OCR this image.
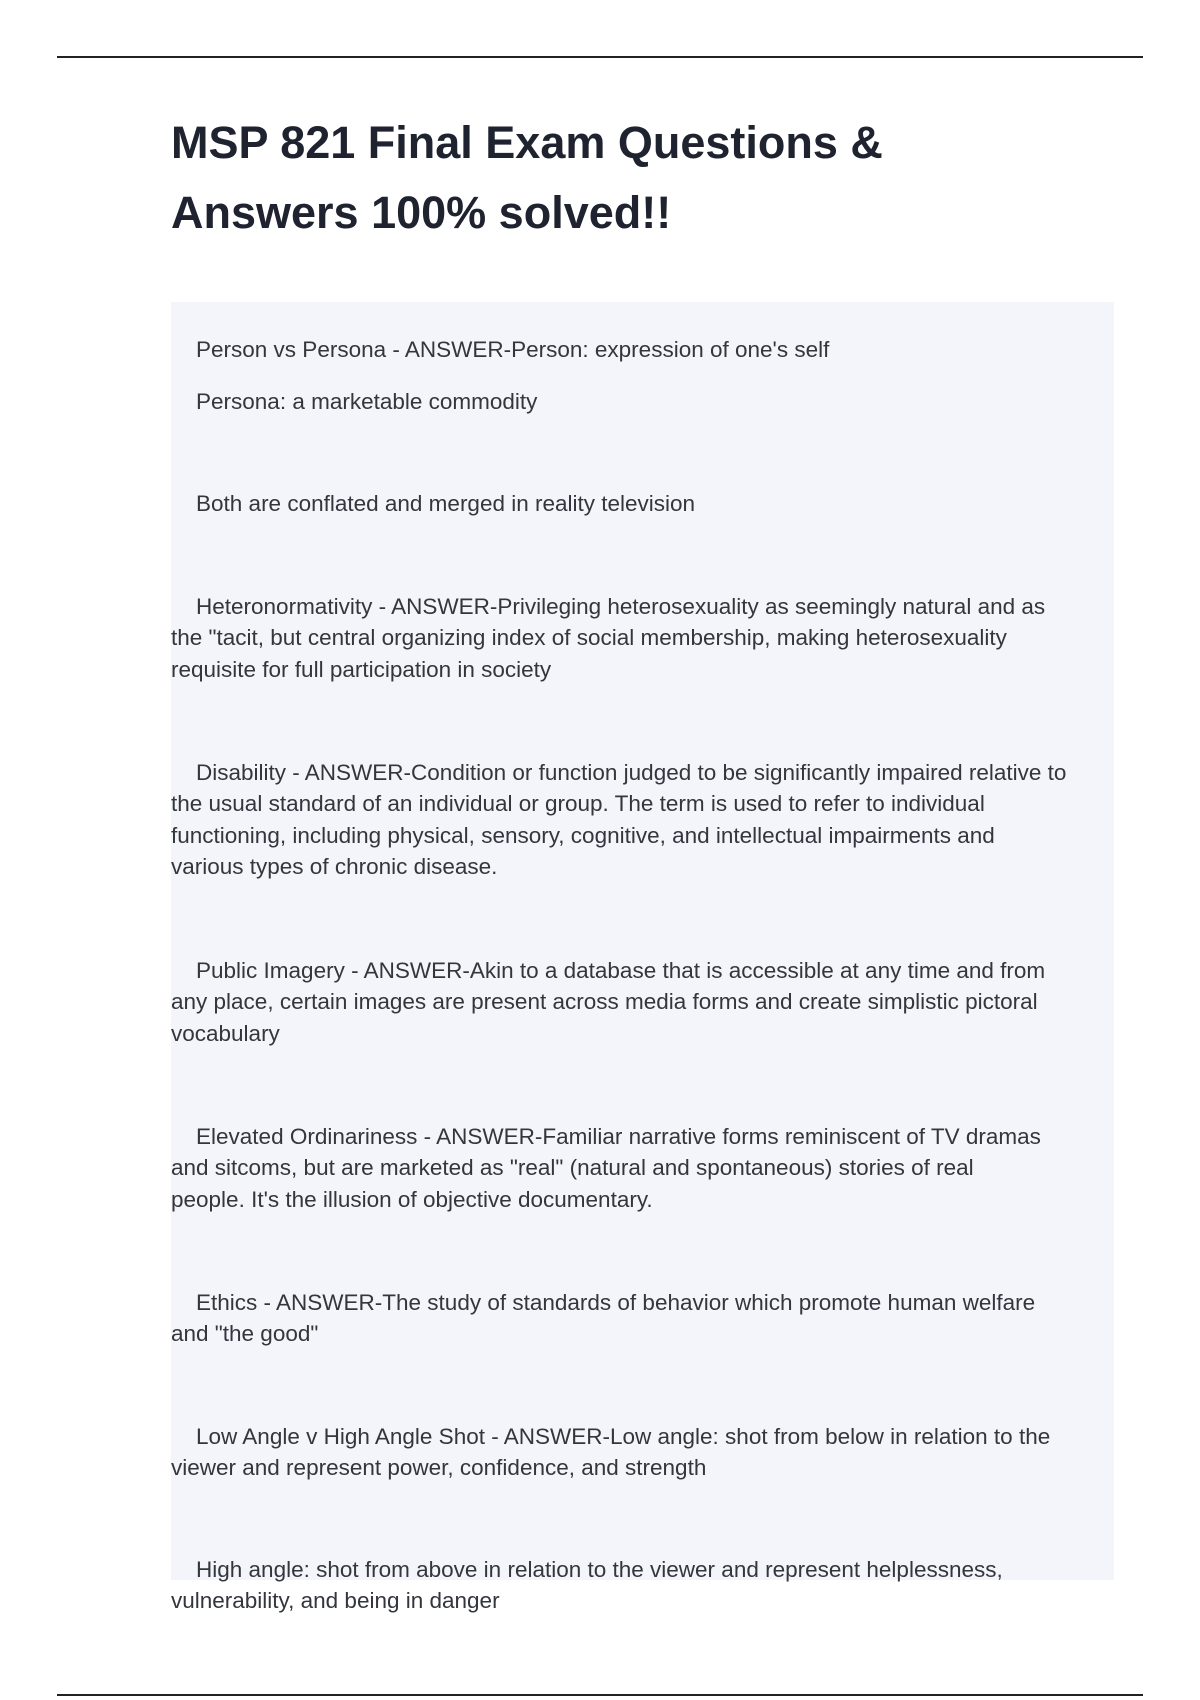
MSP 821 Final Exam Questions &
Answers 100% solved!!

Person vs Persona - ANSWER-Person: expression of one's self

Persona: a marketable commodity

Both are conflated and merged in reality television

Heteronormativity - ANSWER-Privileging heterosexuality as seemingly natural and as
the "tacit, but central organizing index of social membership, making heterosexuality
requisite for full participation in society

Disability - ANSWER-Condition or function judged to be significantly impaired relative to
the usual standard of an individual or group. The term is used to refer to individual
functioning, including physical, sensory, cognitive, and intellectual impairments and
various types of chronic disease.

Public Imagery - ANSWER-Akin to a database that is accessible at any time and from
any place, certain images are present across media forms and create simplistic pictoral
vocabulary

Elevated Ordinariness - ANSWER-Familiar narrative forms reminiscent of TV dramas
and sitcoms, but are marketed as "real" (natural and spontaneous) stories of real
people. It's the illusion of objective documentary.

Ethics - ANSWER-The study of standards of behavior which promote human welfare
and "the good"

Low Angle v High Angle Shot - ANSWER-Low angle: shot from below in relation to the
viewer and represent power, confidence, and strength

High angle: shot from above in relation to the viewer and represent helplessness,
vulnerability, and being in danger
